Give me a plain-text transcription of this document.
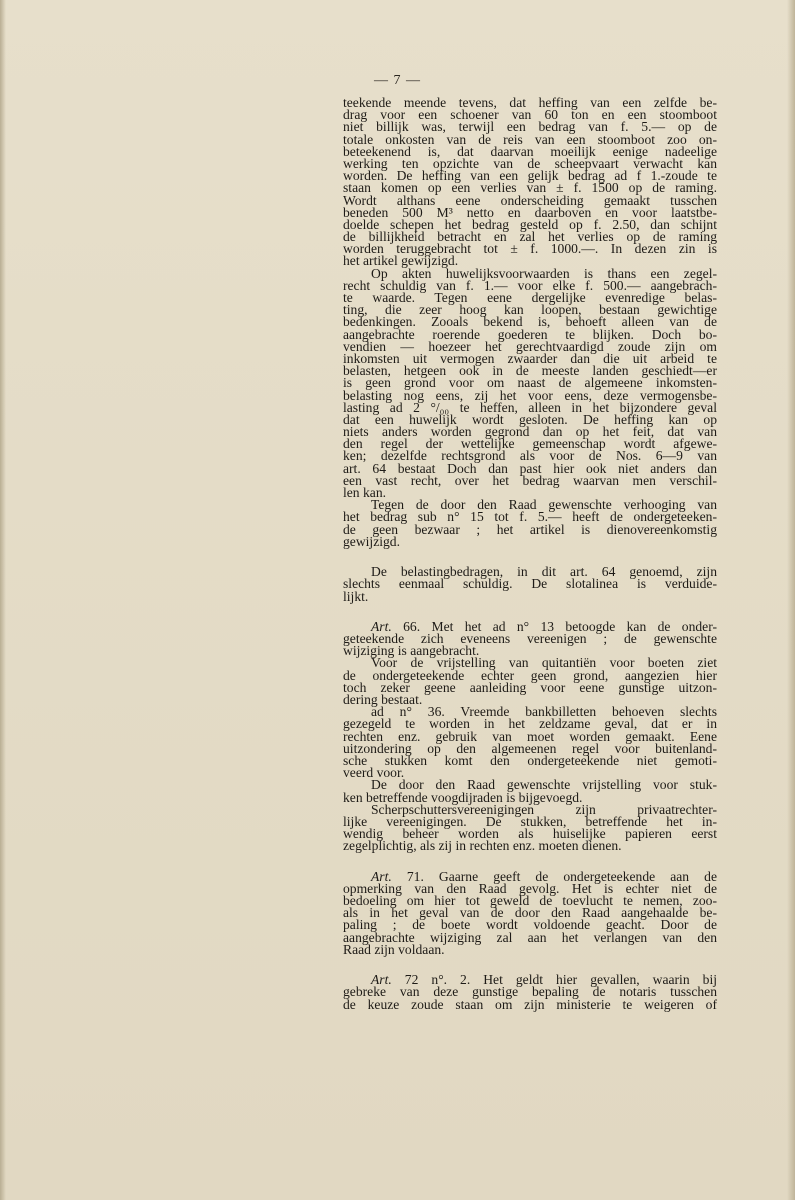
— 7 —
teekende meende tevens, dat heffing van een zelfde be-
drag voor een schoener van 60 ton en een stoomboot
niet billijk was, terwijl een bedrag van f. 5.— op de
totale onkosten van de reis van een stoomboot zoo on-
beteekenend is, dat daarvan moeilijk eenige nadeelige
werking ten opzichte van de scheepvaart verwacht kan
worden. De heffing van een gelijk bedrag ad f 1.-zoude te
staan komen op een verlies van ± f. 1500 op de raming.
Wordt althans eene onderscheiding gemaakt tusschen
beneden 500 M³ netto en daarboven en voor laatstbe-
doelde schepen het bedrag gesteld op f. 2.50, dan schijnt
de billijkheid betracht en zal het verlies op de raming
worden teruggebracht tot ± f. 1000.—. In dezen zin is
het artikel gewijzigd.
Op akten huwelijksvoorwaarden is thans een zegel-
recht schuldig van f. 1.— voor elke f. 500.— aangebrach-
te waarde. Tegen eene dergelijke evenredige belas-
ting, die zeer hoog kan loopen, bestaan gewichtige
bedenkingen. Zooals bekend is, behoeft alleen van de
aangebrachte roerende goederen te blijken. Doch bo-
vendien — hoezeer het gerechtvaardigd zoude zijn om
inkomsten uit vermogen zwaarder dan die uit arbeid te
belasten, hetgeen ook in de meeste landen geschiedt—er
is geen grond voor om naast de algemeene inkomsten-
belasting nog eens, zij het voor eens, deze vermogensbe-
lasting ad 2 °/₀₀ te heffen, alleen in het bijzondere geval
dat een huwelijk wordt gesloten. De heffing kan op
niets anders worden gegrond dan op het feit, dat van
den regel der wettelijke gemeenschap wordt afgewe-
ken; dezelfde rechtsgrond als voor de Nos. 6—9 van
art. 64 bestaat Doch dan past hier ook niet anders dan
een vast recht, over het bedrag waarvan men verschil-
len kan.
Tegen de door den Raad gewenschte verhooging van
het bedrag sub n° 15 tot f. 5.— heeft de ondergeteeken-
de geen bezwaar ; het artikel is dienovereenkomstig
gewijzigd.
De belastingbedragen, in dit art. 64 genoemd, zijn
slechts eenmaal schuldig. De slotalinea is verduide-
lijkt.
Art. 66. Met het ad n° 13 betoogde kan de onder-
geteekende zich eveneens vereenigen ; de gewenschte
wijziging is aangebracht.
Voor de vrijstelling van quitantiën voor boeten ziet
de ondergeteekende echter geen grond, aangezien hier
toch zeker geene aanleiding voor eene gunstige uitzon-
dering bestaat.
ad n° 36. Vreemde bankbilletten behoeven slechts
gezegeld te worden in het zeldzame geval, dat er in
rechten enz. gebruik van moet worden gemaakt. Eene
uitzondering op den algemeenen regel voor buitenland-
sche stukken komt den ondergeteekende niet gemoti-
veerd voor.
De door den Raad gewenschte vrijstelling voor stuk-
ken betreffende voogdijraden is bijgevoegd.
Scherpschuttersvereenigingen zijn privaatrechter-
lijke vereenigingen. De stukken, betreffende het in-
wendig beheer worden als huiselijke papieren eerst
zegelplichtig, als zij in rechten enz. moeten dienen.
Art. 71. Gaarne geeft de ondergeteekende aan de
opmerking van den Raad gevolg. Het is echter niet de
bedoeling om hier tot geweld de toevlucht te nemen, zoo-
als in het geval van de door den Raad aangehaalde be-
paling ; de boete wordt voldoende geacht. Door de
aangebrachte wijziging zal aan het verlangen van den
Raad zijn voldaan.
Art. 72 n°. 2. Het geldt hier gevallen, waarin bij
gebreke van deze gunstige bepaling de notaris tusschen
de keuze zoude staan om zijn ministerie te weigeren of
